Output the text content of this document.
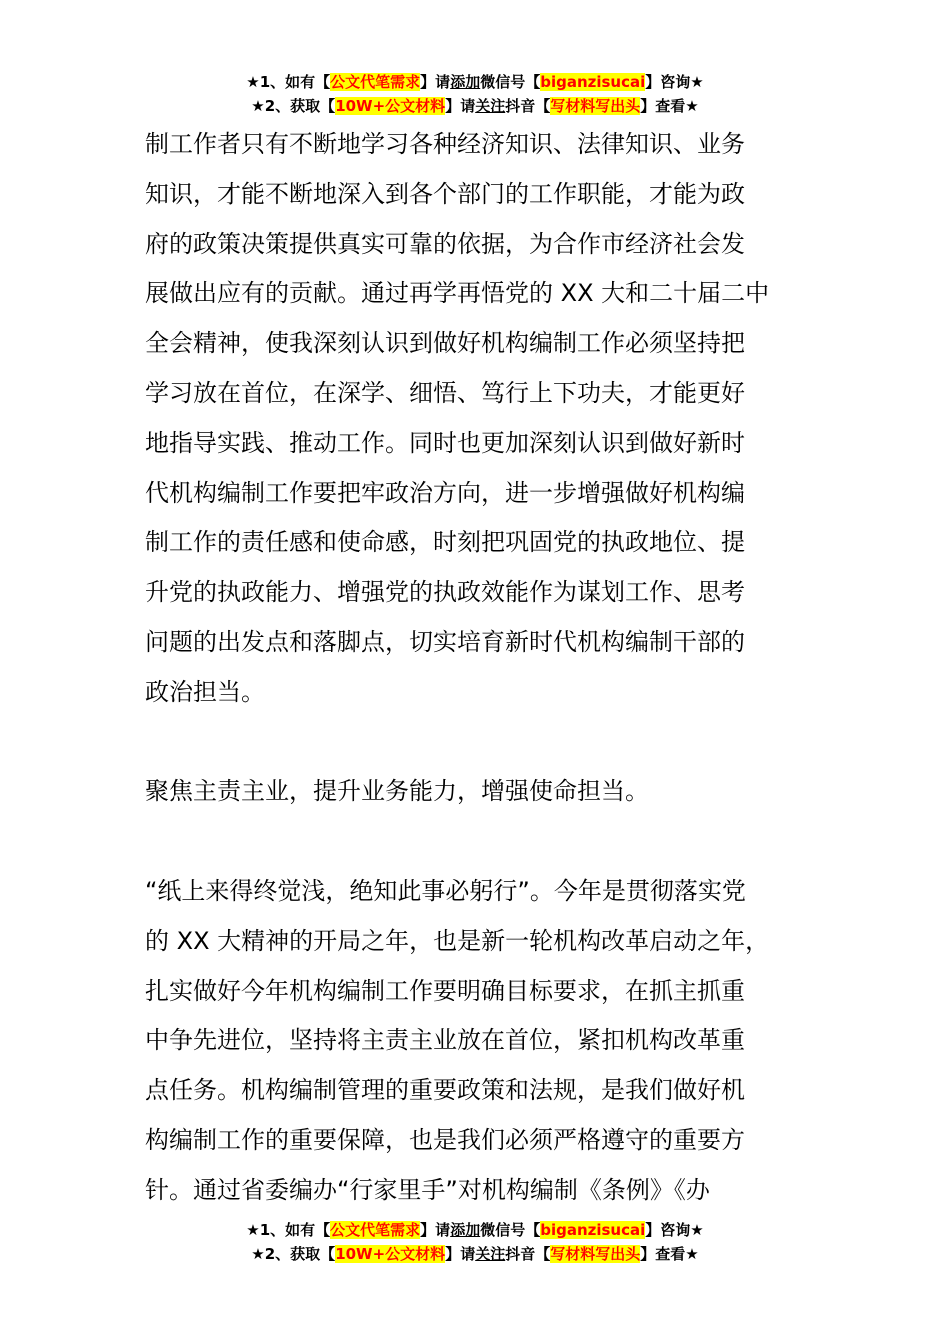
★1、如有【公文代笔需求】请添加微信号【biganzisucai】咨询★
★2、获取【10W+公文材料】请关注抖音【写材料写出头】查看★
制工作者只有不断地学习各种经济知识、法律知识、业务
知识，才能不断地深入到各个部门的工作职能，才能为政
府的政策决策提供真实可靠的依据，为合作市经济社会发
展做出应有的贡献。通过再学再悟党的 XX 大和二十届二中
全会精神，使我深刻认识到做好机构编制工作必须坚持把
学习放在首位，在深学、细悟、笃行上下功夫，才能更好
地指导实践、推动工作。同时也更加深刻认识到做好新时
代机构编制工作要把牢政治方向，进一步增强做好机构编
制工作的责任感和使命感，时刻把巩固党的执政地位、提
升党的执政能力、增强党的执政效能作为谋划工作、思考
问题的出发点和落脚点，切实培育新时代机构编制干部的
政治担当。
聚焦主责主业，提升业务能力，增强使命担当。
“纸上来得终觉浅，绝知此事必躬行”。今年是贯彻落实党
的 XX 大精神的开局之年，也是新一轮机构改革启动之年，
扎实做好今年机构编制工作要明确目标要求，在抓主抓重
中争先进位，坚持将主责主业放在首位，紧扣机构改革重
点任务。机构编制管理的重要政策和法规，是我们做好机
构编制工作的重要保障，也是我们必须严格遵守的重要方
针。通过省委编办“行家里手”对机构编制《条例》《办
★1、如有【公文代笔需求】请添加微信号【biganzisucai】咨询★
★2、获取【10W+公文材料】请关注抖音【写材料写出头】查看★
